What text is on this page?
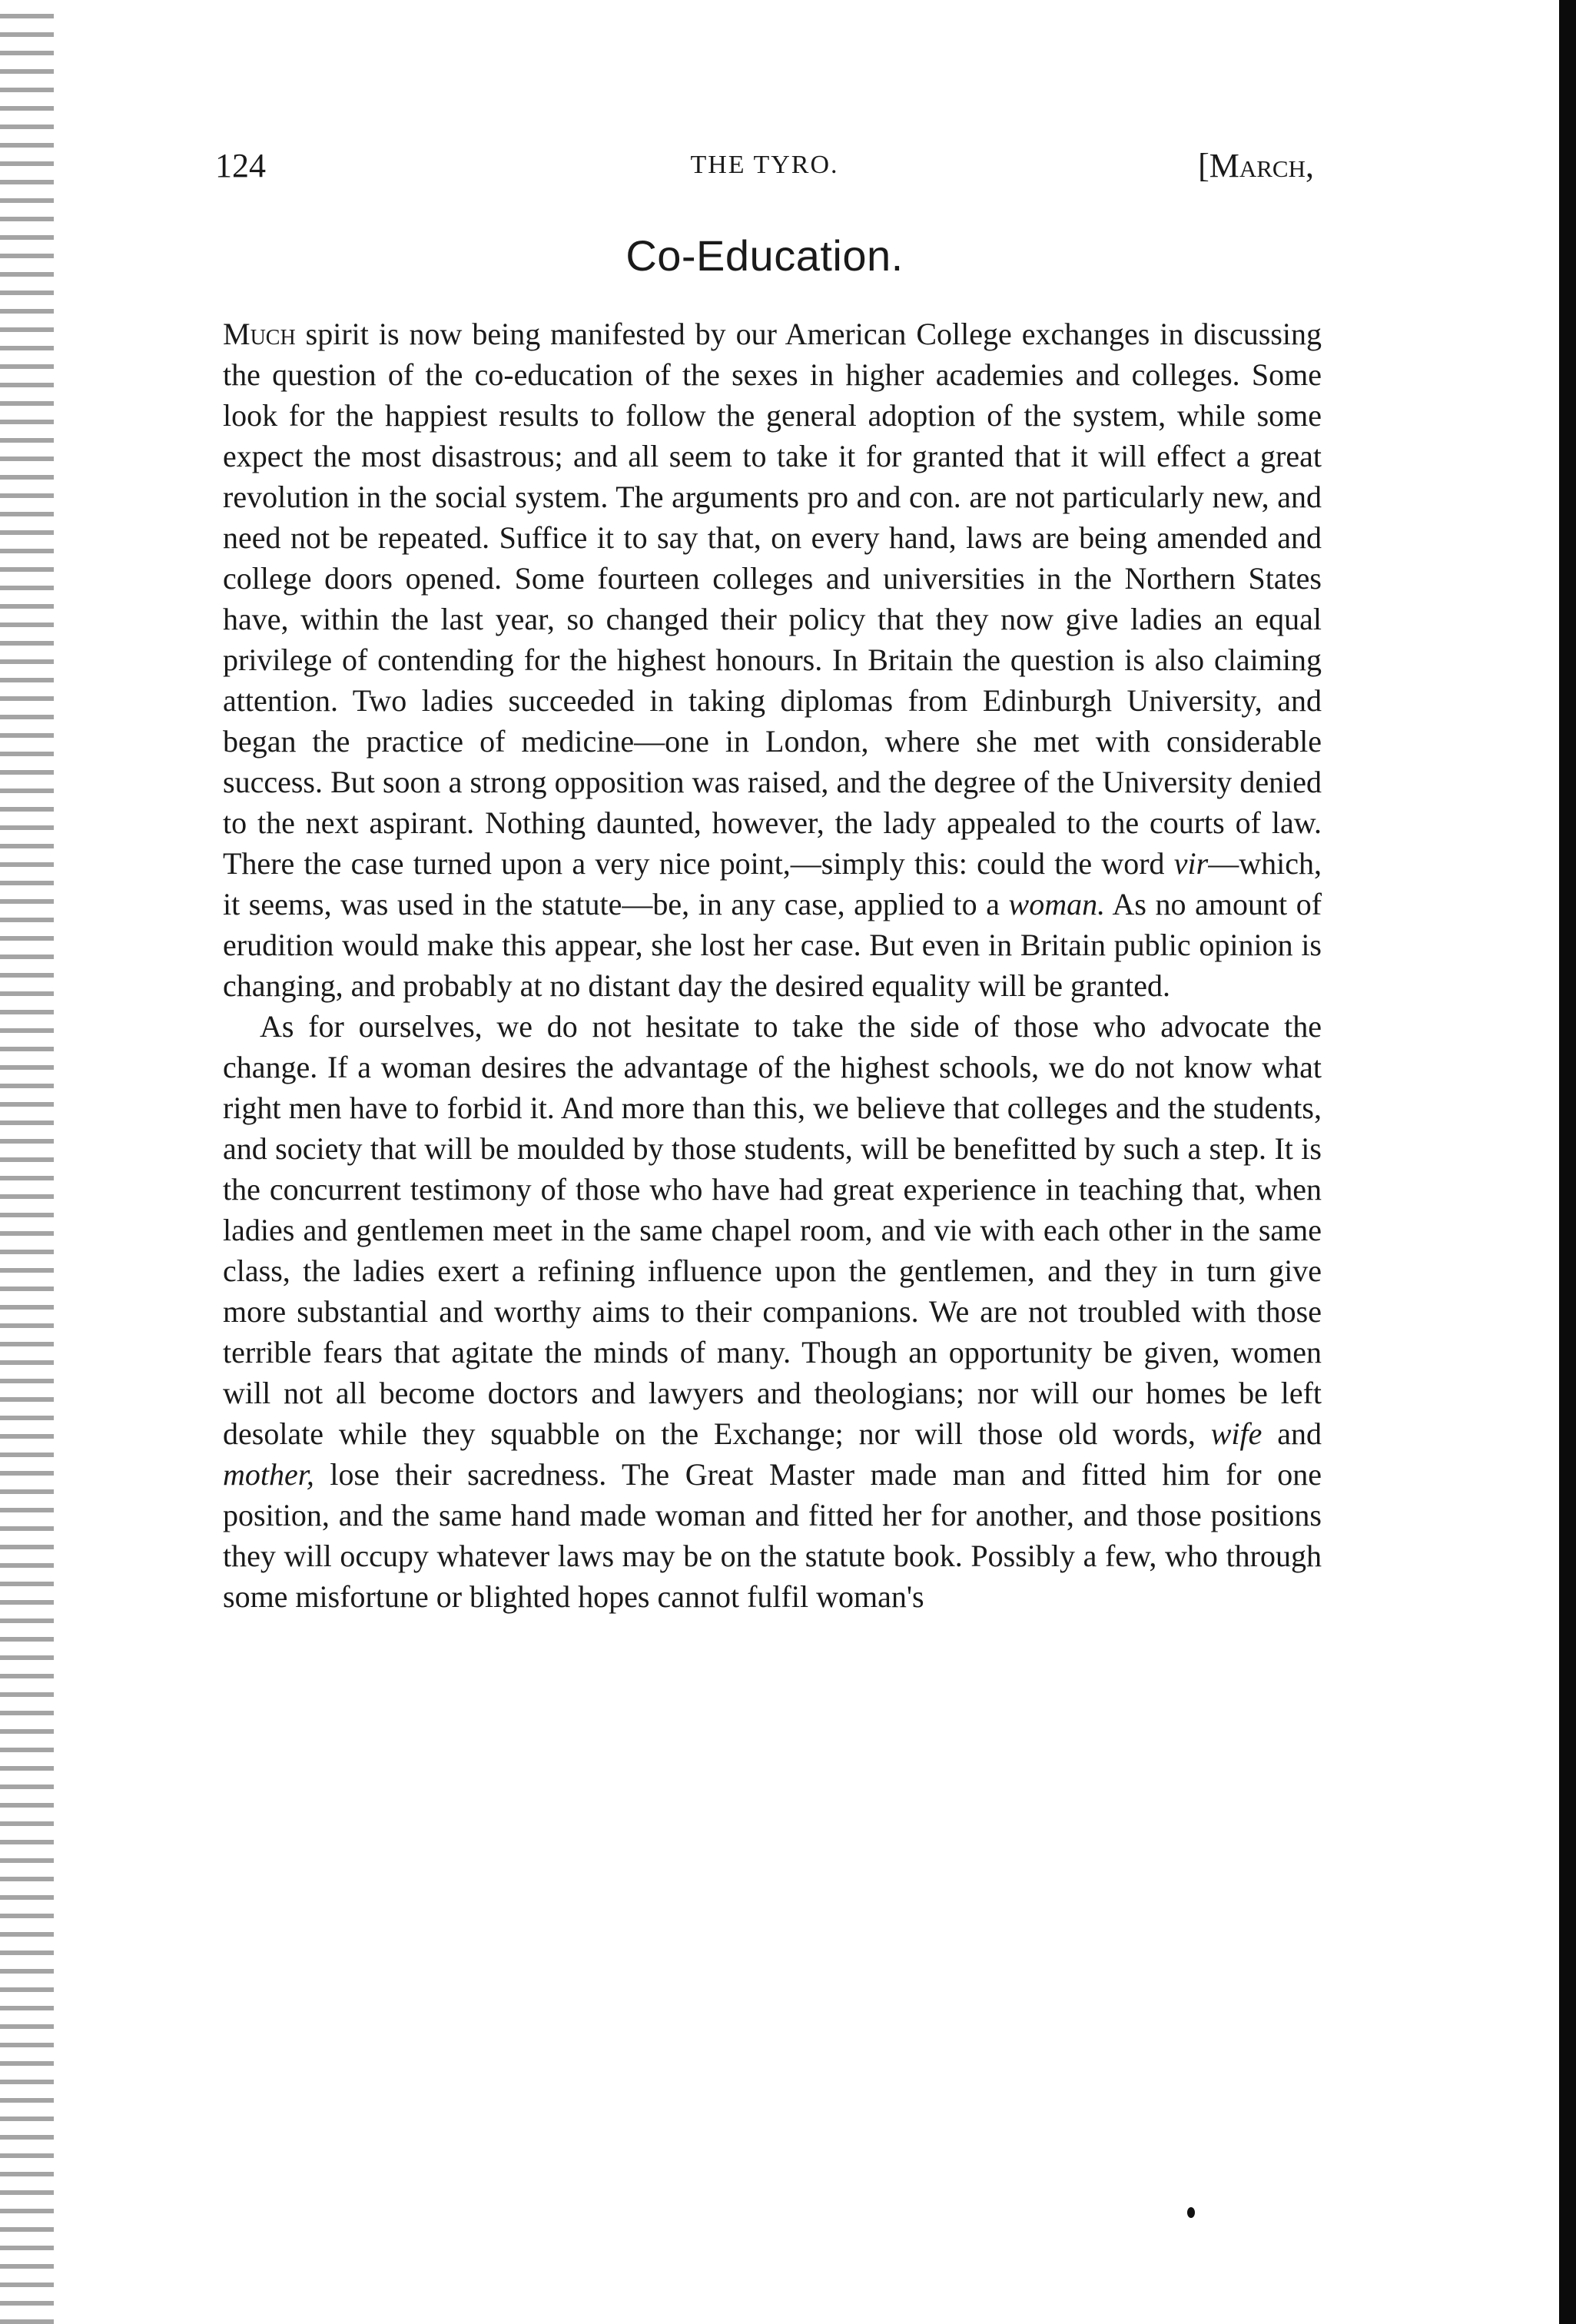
124	THE TYRO.	[March,
Co-Education.

Much spirit is now being manifested by our American College exchanges in discussing the question of the co-education of the sexes in higher academies and colleges. Some look for the happiest results to follow the general adoption of the system, while some expect the most disastrous; and all seem to take it for granted that it will effect a great revolution in the social system. The arguments pro and con. are not particularly new, and need not be repeated. Suffice it to say that, on every hand, laws are being amended and college doors opened. Some fourteen colleges and universities in the Northern States have, within the last year, so changed their policy that they now give ladies an equal privilege of contending for the highest honours. In Britain the question is also claiming attention. Two ladies succeeded in taking diplomas from Edinburgh University, and began the practice of medicine—one in London, where she met with considerable success. But soon a strong opposition was raised, and the degree of the University denied to the next aspirant. Nothing daunted, however, the lady appealed to the courts of law. There the case turned upon a very nice point,—simply this: could the word vir—which, it seems, was used in the statute—be, in any case, applied to a woman. As no amount of erudition would make this appear, she lost her case. But even in Britain public opinion is changing, and probably at no distant day the desired equality will be granted.

As for ourselves, we do not hesitate to take the side of those who advocate the change. If a woman desires the advantage of the highest schools, we do not know what right men have to forbid it. And more than this, we believe that colleges and the students, and society that will be moulded by those students, will be benefitted by such a step. It is the concurrent testimony of those who have had great experience in teaching that, when ladies and gentlemen meet in the same chapel room, and vie with each other in the same class, the ladies exert a refining influence upon the gentlemen, and they in turn give more substantial and worthy aims to their companions. We are not troubled with those terrible fears that agitate the minds of many. Though an opportunity be given, women will not all become doctors and lawyers and theologians; nor will our homes be left desolate while they squabble on the Exchange; nor will those old words, wife and mother, lose their sacredness. The Great Master made man and fitted him for one position, and the same hand made woman and fitted her for another, and those positions they will occupy whatever laws may be on the statute book. Possibly a few, who through some misfortune or blighted hopes cannot fulfil woman's
